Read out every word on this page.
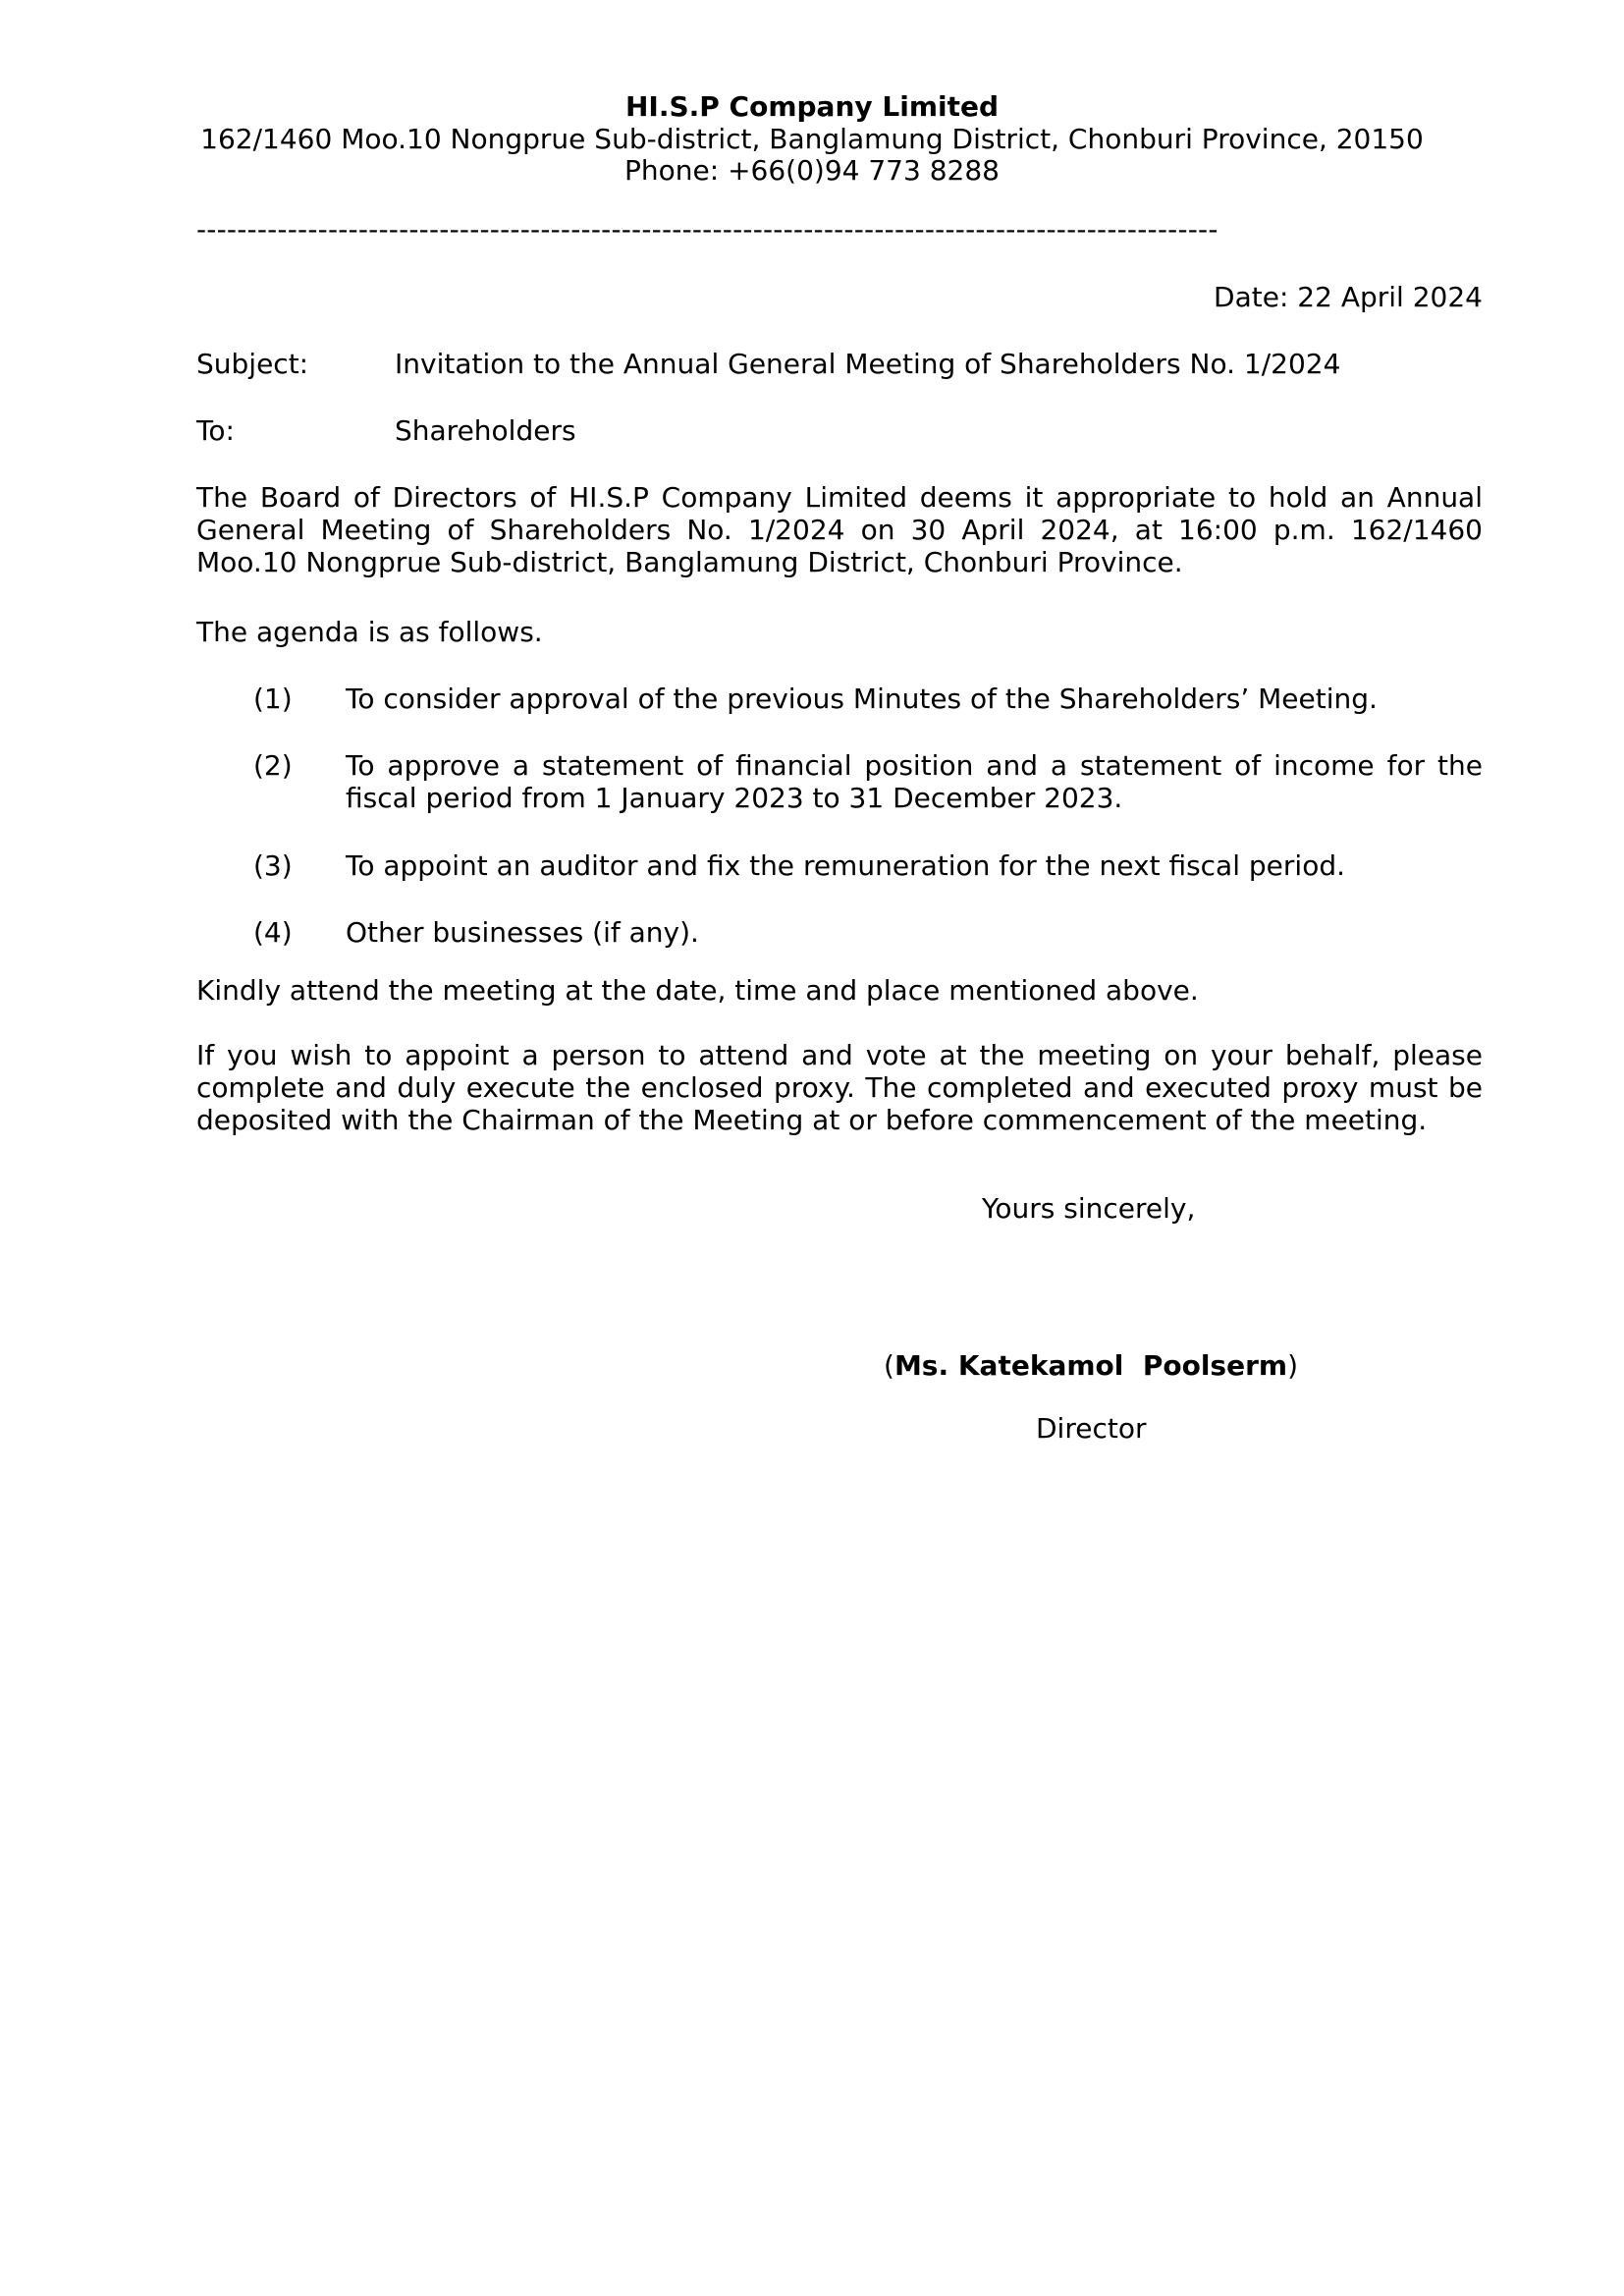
HI.S.P Company Limited
162/1460 Moo.10 Nongprue Sub-district, Banglamung District, Chonburi Province, 20150
Phone: +66(0)94 773 8288
-----------------------------------------------------------------------------------------------------
Date: 22 April 2024
Subject:	Invitation to the Annual General Meeting of Shareholders No. 1/2024
To:	Shareholders

The Board of Directors of HI.S.P Company Limited deems it appropriate to hold an Annual General Meeting of Shareholders No. 1/2024 on 30 April 2024, at 16:00 p.m. 162/1460 Moo.10 Nongprue Sub-district, Banglamung District, Chonburi Province.

The agenda is as follows.

(1) To consider approval of the previous Minutes of the Shareholders’ Meeting.
(2) To approve a statement of financial position and a statement of income for the fiscal period from 1 January 2023 to 31 December 2023.
(3) To appoint an auditor and fix the remuneration for the next fiscal period.
(4) Other businesses (if any).

Kindly attend the meeting at the date, time and place mentioned above.

If you wish to appoint a person to attend and vote at the meeting on your behalf, please complete and duly execute the enclosed proxy. The completed and executed proxy must be deposited with the Chairman of the Meeting at or before commencement of the meeting.

Yours sincerely,
(Ms. Katekamol  Poolserm)
Director
